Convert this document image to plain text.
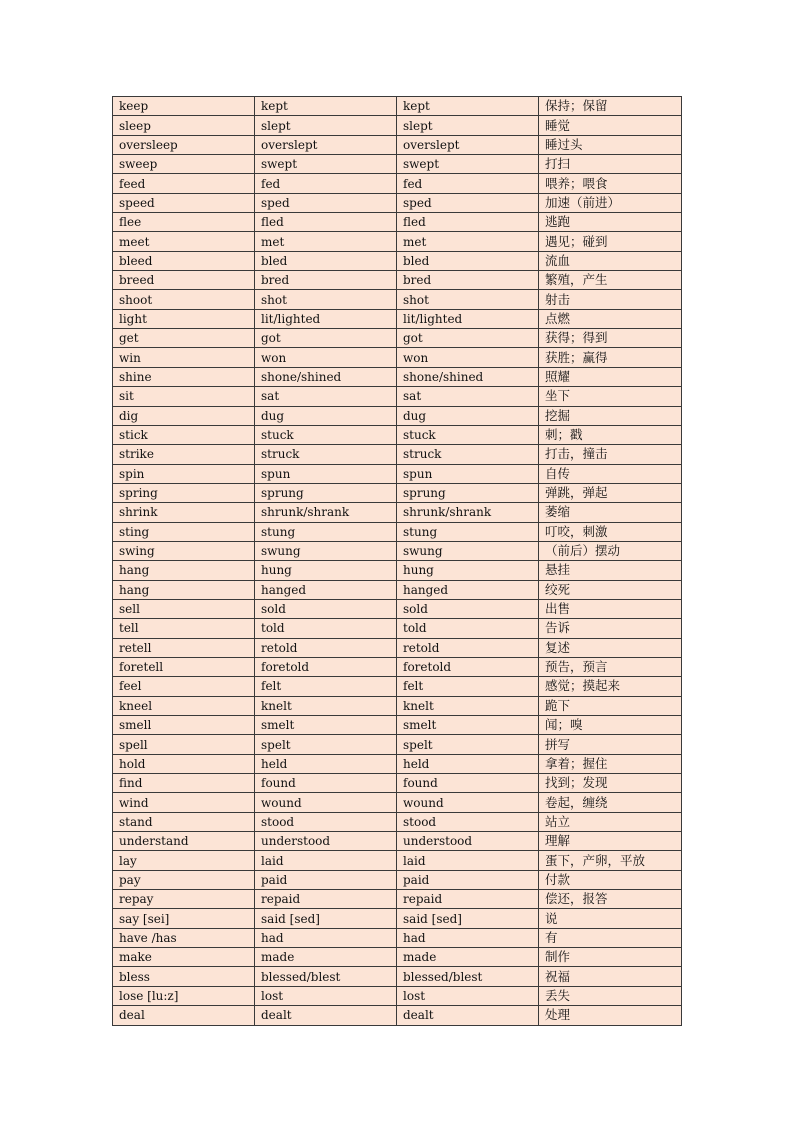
keep	kept	kept	保持；保留
sleep	slept	slept	睡觉
oversleep	overslept	overslept	睡过头
sweep	swept	swept	打扫
feed	fed	fed	喂养；喂食
speed	sped	sped	加速（前进）
flee	fled	fled	逃跑
meet	met	met	遇见；碰到
bleed	bled	bled	流血
breed	bred	bred	繁殖，产生
shoot	shot	shot	射击
light	lit/lighted	lit/lighted	点燃
get	got	got	获得；得到
win	won	won	获胜；赢得
shine	shone/shined	shone/shined	照耀
sit	sat	sat	坐下
dig	dug	dug	挖掘
stick	stuck	stuck	刺；戳
strike	struck	struck	打击，撞击
spin	spun	spun	自传
spring	sprung	sprung	弹跳，弹起
shrink	shrunk/shrank	shrunk/shrank	萎缩
sting	stung	stung	叮咬，刺激
swing	swung	swung	（前后）摆动
hang	hung	hung	悬挂
hang	hanged	hanged	绞死
sell	sold	sold	出售
tell	told	told	告诉
retell	retold	retold	复述
foretell	foretold	foretold	预告，预言
feel	felt	felt	感觉；摸起来
kneel	knelt	knelt	跪下
smell	smelt	smelt	闻；嗅
spell	spelt	spelt	拼写
hold	held	held	拿着；握住
find	found	found	找到；发现
wind	wound	wound	卷起，缠绕
stand	stood	stood	站立
understand	understood	understood	理解
lay	laid	laid	蛋下，产卵，平放
pay	paid	paid	付款
repay	repaid	repaid	偿还，报答
say [sei]	said [sed]	said [sed]	说
have /has	had	had	有
make	made	made	制作
bless	blessed/blest	blessed/blest	祝福
lose [lu:z]	lost	lost	丢失
deal	dealt	dealt	处理
